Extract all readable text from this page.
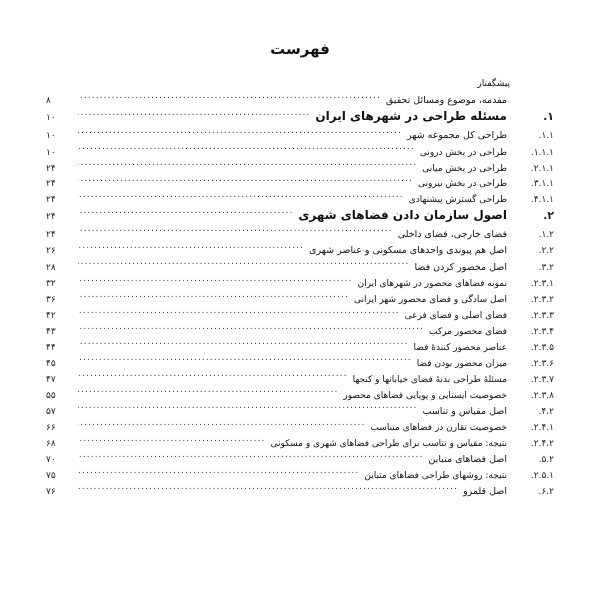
فهرست
پیشگفتار
مقدمه، موضوع ومسائل تحقیق
.....
۸
۱.
مسئله طراحی در شهرهای ایران
.....
۱۰
۱.۱.
طراحی کل مجموعه شهر
.....
۱۰
۱.۱.۱.
طراحی در بخش درونی
.....
۱۰
۲.۱.۱.
طراحی در بخش میانی
.....
۲۴
۳.۱.۱.
طراحی در بخش بیرونی
.....
۲۴
۴.۱.۱.
طراحی گسترش پیشنهادی
.....
۲۴
۲.
اصول سازمان دادن فضاهای شهری
.....
۲۴
۱.۲.
فضای خارجی، فضای داخلی
.....
۲۴
۲.۲.
اصل هم پیوندی واحدهای مسکونی و عناصر شهری
.....
۲۶
۳.۲.
اصل محصور کردن فضا
.....
۲۸
۲.۳.۱.
نمونه فضاهای محصور در شهرهای ایران
.....
۳۲
۲.۳.۲.
اصل سادگی و فضای محصور شهر ایرانی
.....
۳۶
۲.۳.۳.
فضای اصلی و فضای فرعی
.....
۴۲
۲.۳.۴.
فضای محصور مرکب
.....
۴۳
۲.۳.۵.
عناصر محصور کنندهٔ فضا
.....
۴۴
۲.۳.۶.
میزان محصور بودن فضا
.....
۴۵
۲.۳.۷.
مسئلهٔ طراحی بدنهٔ فضای خیابانها و کنجها
.....
۴۷
۲.۳.۸.
خصوصیت ایستایی و پویایی فضاهای محصور
.....
۵۵
۴.۲.
اصل مقیاس و تناسب
.....
۵۷
۲.۴.۱.
خصوصیت تقارن در فضاهای متناسب
.....
۶۶
۲.۴.۲.
نتیجه: مقیاس و تناسب برای طراحی فضاهای شهری و مسکونی
.....
۶۸
۵.۲.
اصل فضاهای متباین
.....
۷۰
۲.۵.۱.
نتیجه: روشهای طراحی فضاهای متباین
.....
۷۵
۶.۲.
اصل قلمرو
.....
۷۶
